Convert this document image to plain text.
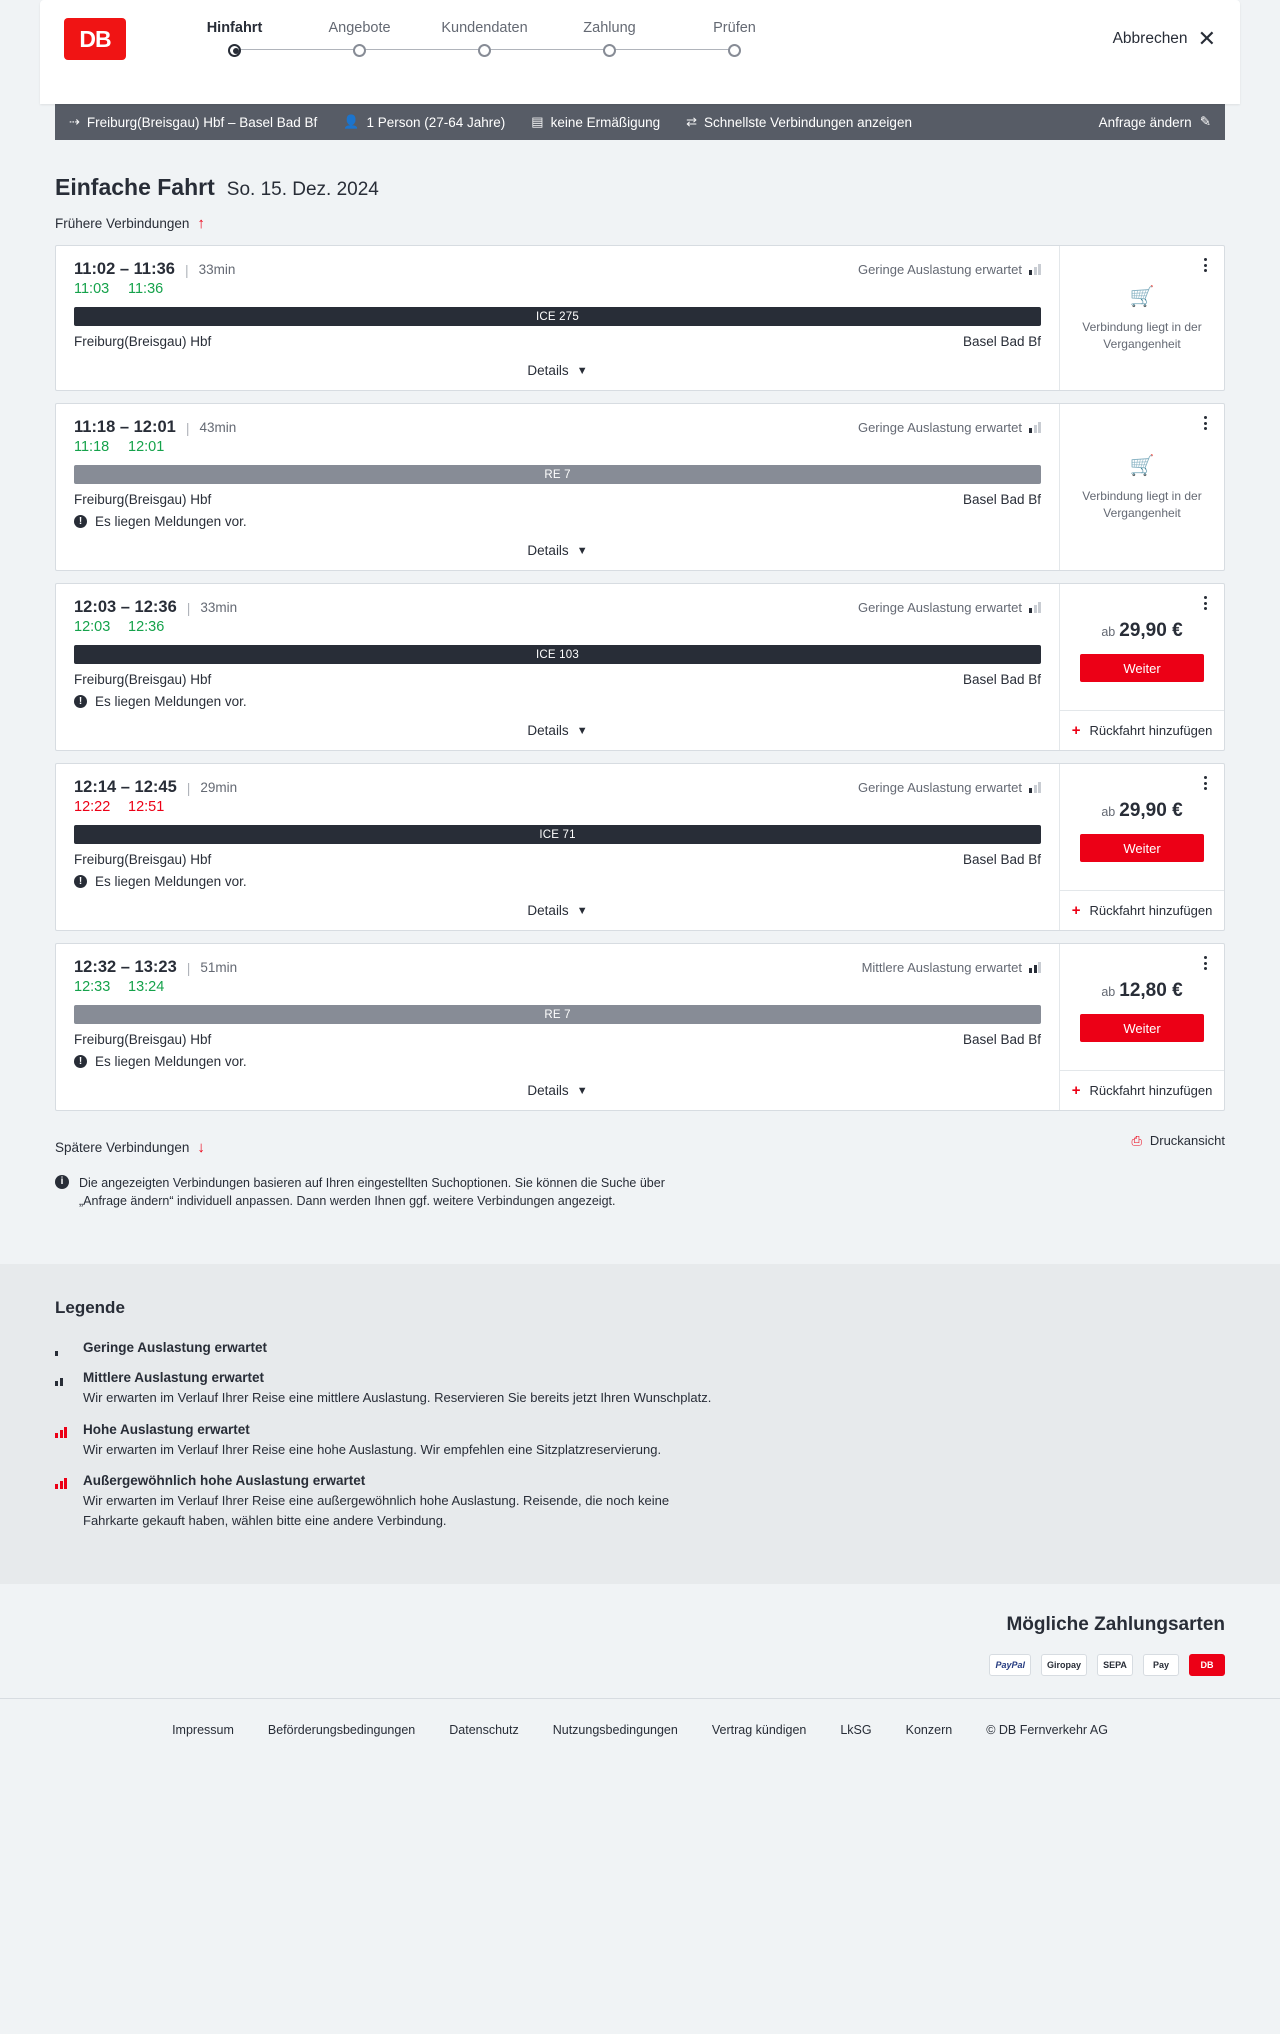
DB	Hinfahrt	Angebote	Kundendaten	Zahlung	Prüfen
Abbrechen ✕
⇢ Freiburg(Breisgau) Hbf – Basel Bad Bf 👤 1 Person (27-64 Jahre) ▤ keine Ermäßigung ⇄ Schnellste Verbindungen anzeigen	Anfrage ändern ✎
Einfache Fahrt So. 15. Dez. 2024
Frühere Verbindungen ↑
11:02 – 11:36 | 33min	Geringe Auslastung erwartet
11:03 11:36
ICE 275
Freiburg(Breisgau) Hbf	Basel Bad Bf
Details ▼
🛒
Verbindung liegt in der Vergangenheit
11:18 – 12:01 | 43min	Geringe Auslastung erwartet
11:18 12:01
RE 7
Freiburg(Breisgau) Hbf	Basel Bad Bf
! Es liegen Meldungen vor.
Details ▼
🛒
Verbindung liegt in der Vergangenheit
12:03 – 12:36 | 33min	Geringe Auslastung erwartet
12:03 12:36
ICE 103
Freiburg(Breisgau) Hbf	Basel Bad Bf
! Es liegen Meldungen vor.
Details ▼
ab 29,90 €
Weiter
+ Rückfahrt hinzufügen
12:14 – 12:45 | 29min	Geringe Auslastung erwartet
12:22 12:51
ICE 71
Freiburg(Breisgau) Hbf	Basel Bad Bf
! Es liegen Meldungen vor.
Details ▼
ab 29,90 €
Weiter
+ Rückfahrt hinzufügen
12:32 – 13:23 | 51min	Mittlere Auslastung erwartet
12:33 13:24
RE 7
Freiburg(Breisgau) Hbf	Basel Bad Bf
! Es liegen Meldungen vor.
Details ▼
ab 12,80 €
Weiter
+ Rückfahrt hinzufügen
Spätere Verbindungen ↓	⎙ Druckansicht
i	Die angezeigten Verbindungen basieren auf Ihren eingestellten Suchoptionen. Sie können die Suche über „Anfrage ändern“ individuell anpassen. Dann werden Ihnen ggf. weitere Verbindungen angezeigt.
Legende
Geringe Auslastung erwartet
Mittlere Auslastung erwartet
Wir erwarten im Verlauf Ihrer Reise eine mittlere Auslastung. Reservieren Sie bereits jetzt Ihren Wunschplatz.
Hohe Auslastung erwartet
Wir erwarten im Verlauf Ihrer Reise eine hohe Auslastung. Wir empfehlen eine Sitzplatzreservierung.
Außergewöhnlich hohe Auslastung erwartet
Wir erwarten im Verlauf Ihrer Reise eine außergewöhnlich hohe Auslastung. Reisende, die noch keine Fahrkarte gekauft haben, wählen bitte eine andere Verbindung.
Mögliche Zahlungsarten
PayPal	Giropay	SEPA	Pay	DB
Impressum	Beförderungsbedingungen	Datenschutz	Nutzungsbedingungen	Vertrag kündigen	LkSG	Konzern	© DB Fernverkehr AG
